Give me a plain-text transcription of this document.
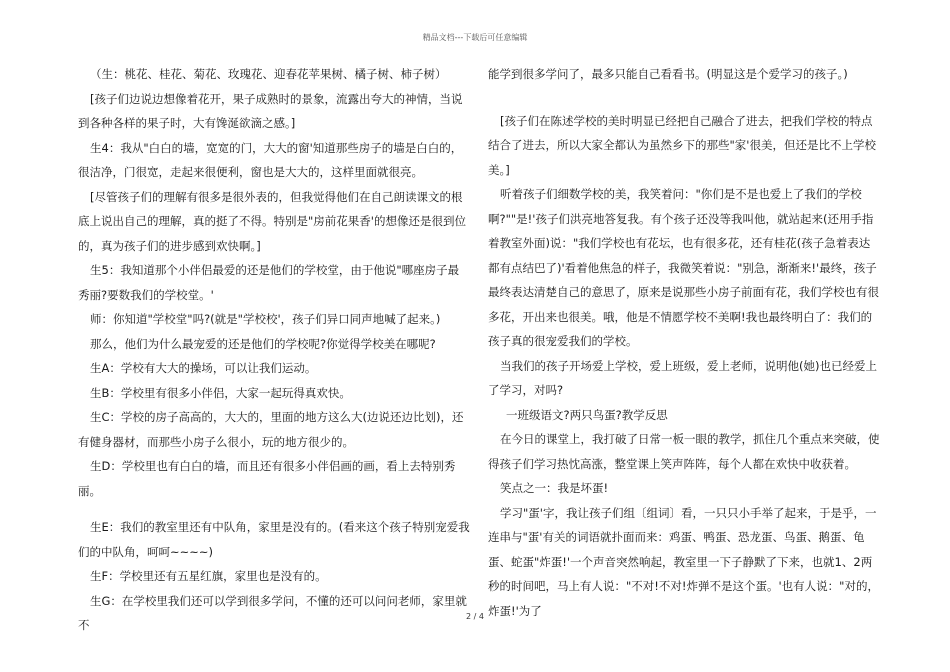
精品文档---下载后可任意编辑

（生：桃花、桂花、菊花、玫瑰花、迎春花苹果树、橘子树、柿子树）

[孩子们边说边想像着花开，果子成熟时的景象，流露出夸大的神情，当说到各种各样的果子时，大有馋涎欲滴之感。]

生4：我从"白白的墙，宽宽的门，大大的窗'知道那些房子的墙是白白的，很洁净，门很宽，走起来很便利，窗也是大大的，这样里面就很亮。

[尽管孩子们的理解有很多是很外表的，但我觉得他们在自己朗读课文的根底上说出自己的理解，真的挺了不得。特别是"房前花果香'的想像还是很到位的，真为孩子们的进步感到欢快啊。]

生5：我知道那个小伴侣最爱的还是他们的学校堂，由于他说"哪座房子最秀丽?要数我们的学校堂。'

师：你知道"学校堂"吗?(就是"学校校'，孩子们异口同声地喊了起来。)

那么，他们为什么最宠爱的还是他们的学校呢?你觉得学校美在哪呢?

生A：学校有大大的操场，可以让我们运动。

生B：学校里有很多小伴侣，大家一起玩得真欢快。

生C：学校的房子高高的，大大的，里面的地方这么大(边说还边比划)，还有健身器材，而那些小房子么很小，玩的地方很少的。

生D：学校里也有白白的墙，而且还有很多小伴侣画的画，看上去特别秀丽。

生E：我们的教室里还有中队角，家里是没有的。(看来这个孩子特别宠爱我们的中队角，呵呵~~~~)

生F：学校里还有五星红旗，家里也是没有的。

生G：在学校里我们还可以学到很多学问，不懂的还可以问问老师，家里就不

能学到很多学问了，最多只能自己看看书。(明显这是个爱学习的孩子。)

[孩子们在陈述学校的美时明显已经把自己融合了进去，把我们学校的特点结合了进去，所以大家全都认为虽然乡下的那些"家'很美，但还是比不上学校美。]

听着孩子们细数学校的美，我笑着问："你们是不是也爱上了我们的学校啊?""是!'孩子们洪亮地答复我。有个孩子还没等我叫他，就站起来(还用手指着教室外面)说："我们学校也有花坛，也有很多花，还有桂花(孩子急着表达都有点结巴了)'看着他焦急的样子，我微笑着说："别急，渐渐来!'最终，孩子最终表达清楚自己的意思了，原来是说那些小房子前面有花，我们学校也有很多花，开出来也很美。哦，他是不情愿学校不美啊!我也最终明白了：我们的孩子真的很宠爱我们的学校。

当我们的孩子开场爱上学校，爱上班级，爱上老师，说明他(她)也已经爱上了学习，对吗?

一班级语文?两只鸟蛋?教学反思

在今日的课堂上，我打破了日常一板一眼的教学，抓住几个重点来突破，使得孩子们学习热忱高涨，整堂课上笑声阵阵，每个人都在欢快中收获着。

笑点之一：我是坏蛋!

学习"蛋'字，我让孩子们组〔组词〕看，一只只小手举了起来，于是乎，一连串与"蛋'有关的词语就扑面而来：鸡蛋、鸭蛋、恐龙蛋、鸟蛋、鹅蛋、龟蛋、蛇蛋"炸蛋!'一个声音突然响起，教室里一下子静默了下来，也就1、2两秒的时间吧，马上有人说："不对!不对!炸弹不是这个蛋。'也有人说："对的，炸蛋!'为了

2 / 4
